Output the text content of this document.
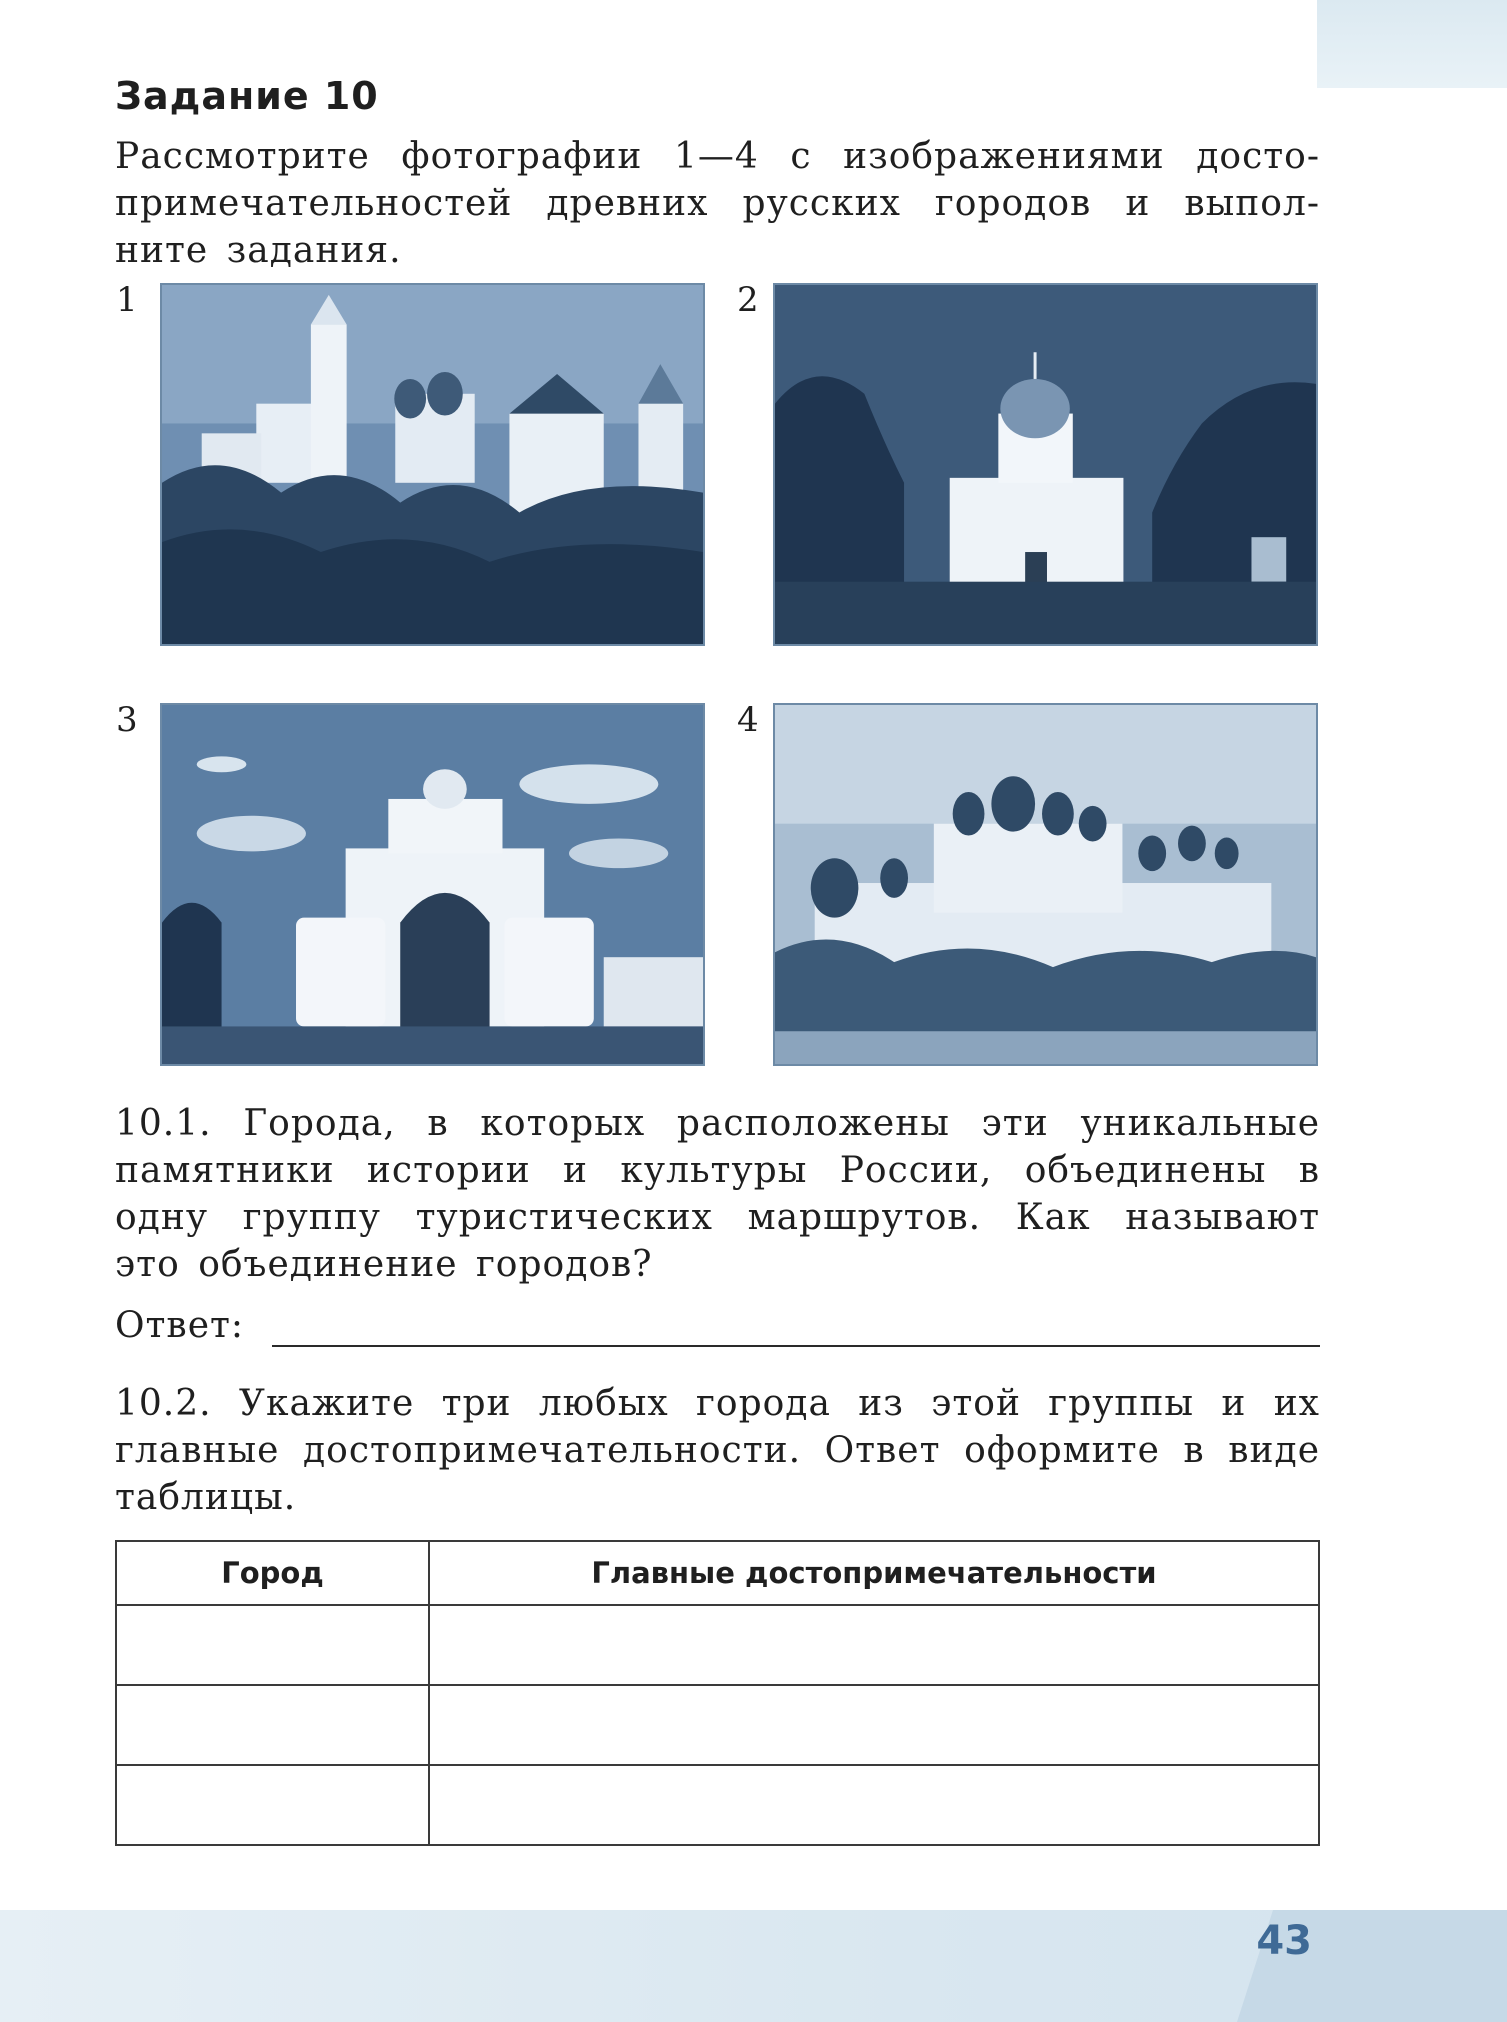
Задание 10
Рассмотрите фотографии 1—4 с изображениями досто-примечательностей древних русских городов и выпол-ните задания.
1	2
3	4
10.1. Города, в которых расположены эти уникальные памятники истории и культуры России, объединены в одну группу туристических маршрутов. Как называют это объединение городов?
Ответ:
10.2. Укажите три любых города из этой группы и их главные достопримечательности. Ответ оформите в виде таблицы.
Город	Главные достопримечательности

43
